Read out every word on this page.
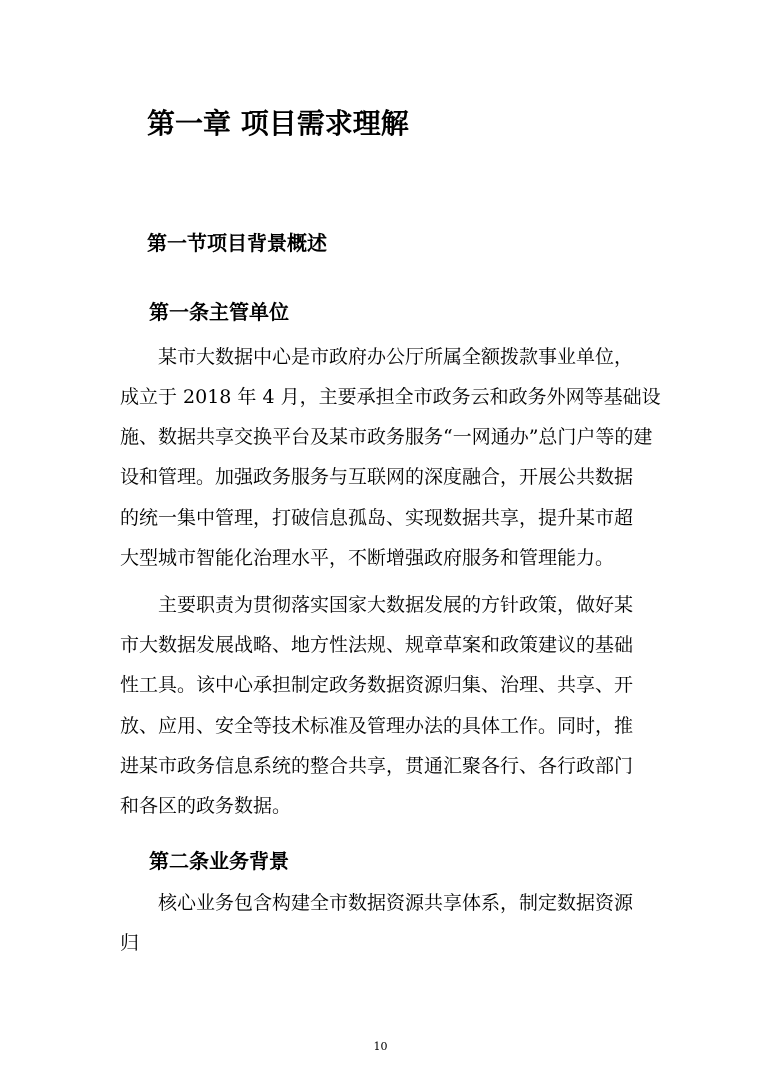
第一章 项目需求理解
第一节项目背景概述
第一条主管单位
某市大数据中心是市政府办公厅所属全额拨款事业单位，
成立于 2018 年 4 月，主要承担全市政务云和政务外网等基础设
施、数据共享交换平台及某市政务服务“一网通办”总门户等的建
设和管理。加强政务服务与互联网的深度融合，开展公共数据
的统一集中管理，打破信息孤岛、实现数据共享，提升某市超
大型城市智能化治理水平，不断增强政府服务和管理能力。
主要职责为贯彻落实国家大数据发展的方针政策，做好某
市大数据发展战略、地方性法规、规章草案和政策建议的基础
性工具。该中心承担制定政务数据资源归集、治理、共享、开
放、应用、安全等技术标准及管理办法的具体工作。同时，推
进某市政务信息系统的整合共享，贯通汇聚各行、各行政部门
和各区的政务数据。
第二条业务背景
核心业务包含构建全市数据资源共享体系，制定数据资源
归
10
